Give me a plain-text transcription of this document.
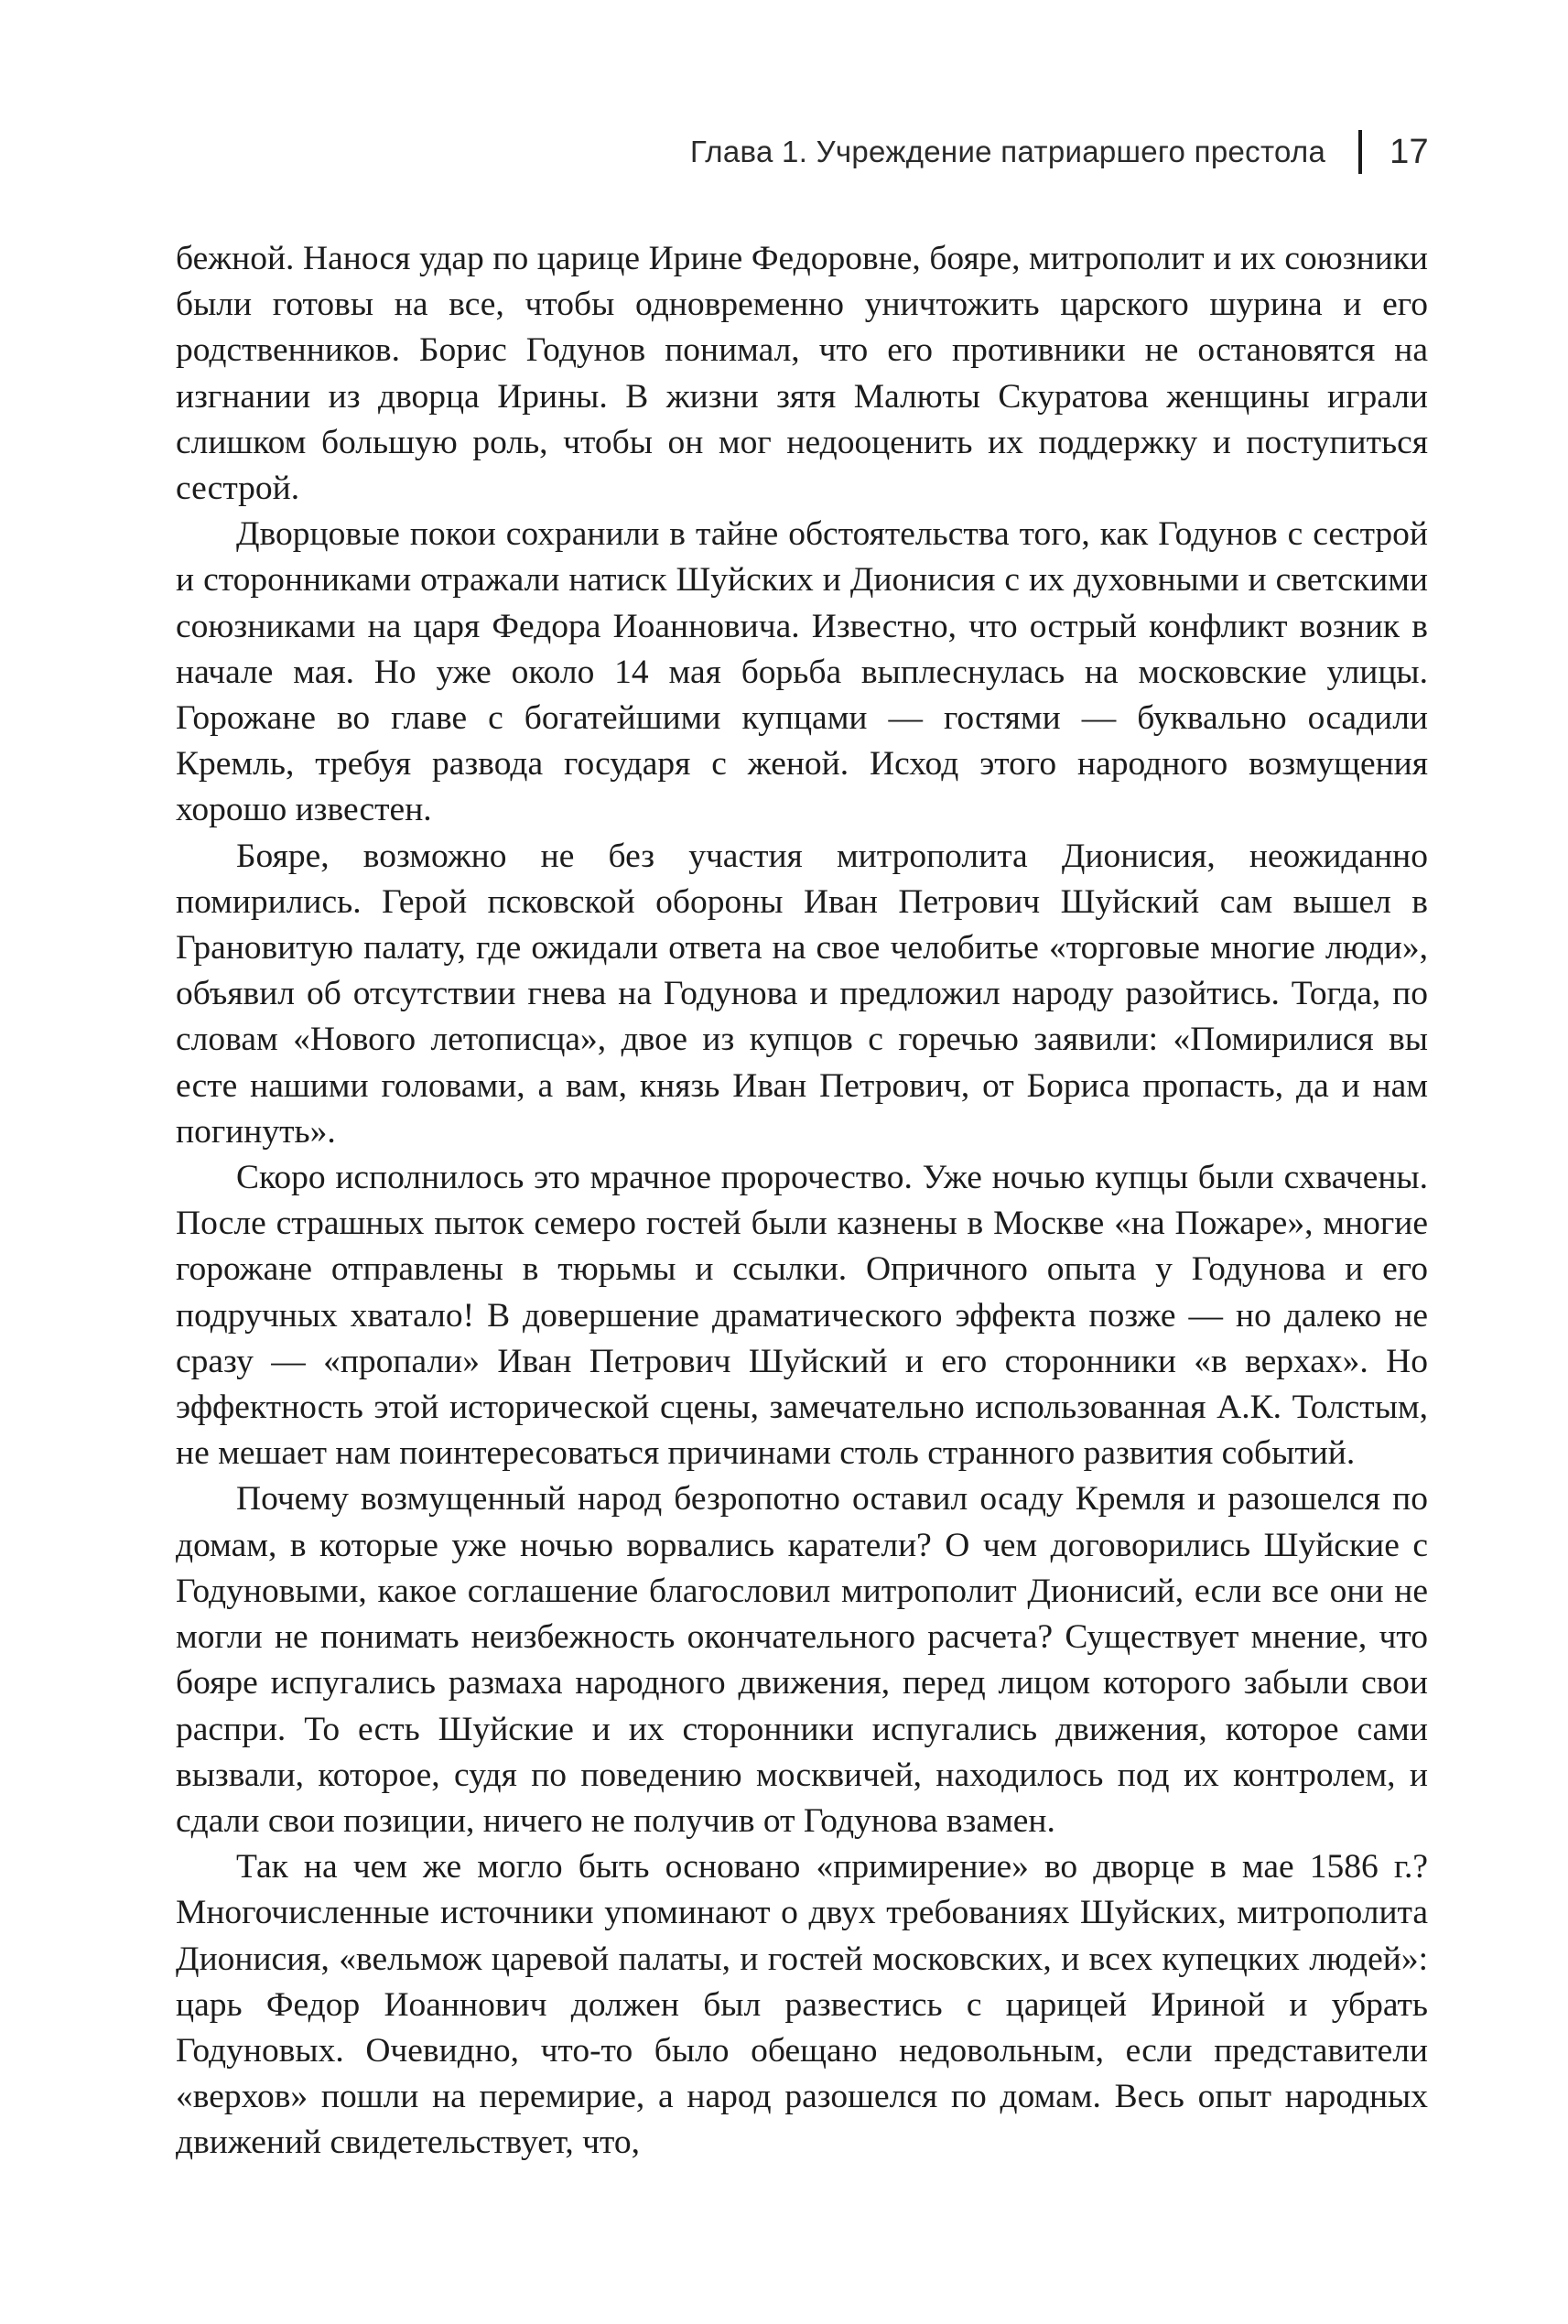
Глава 1. Учреждение патриаршего престола 17

бежной. Нанося удар по царице Ирине Федоровне, бояре, митрополит и их союзники были готовы на все, чтобы одновременно уничтожить царского шурина и его родственников. Борис Годунов понимал, что его противники не остановятся на изгнании из дворца Ирины. В жизни зятя Малюты Скуратова женщины играли слишком большую роль, чтобы он мог недооценить их поддержку и поступиться сестрой.

Дворцовые покои сохранили в тайне обстоятельства того, как Годунов с сестрой и сторонниками отражали натиск Шуйских и Дионисия с их духовными и светскими союзниками на царя Федора Иоанновича. Известно, что острый конфликт возник в начале мая. Но уже около 14 мая борьба выплеснулась на московские улицы. Горожане во главе с богатейшими купцами — гостями — буквально осадили Кремль, требуя развода государя с женой. Исход этого народного возмущения хорошо известен.

Бояре, возможно не без участия митрополита Дионисия, неожиданно помирились. Герой псковской обороны Иван Петрович Шуйский сам вышел в Грановитую палату, где ожидали ответа на свое челобитье «торговые многие люди», объявил об отсутствии гнева на Годунова и предложил народу разойтись. Тогда, по словам «Нового летописца», двое из купцов с горечью заявили: «Помирилися вы есте нашими головами, а вам, князь Иван Петрович, от Бориса пропасть, да и нам погинуть».

Скоро исполнилось это мрачное пророчество. Уже ночью купцы были схвачены. После страшных пыток семеро гостей были казнены в Москве «на Пожаре», многие горожане отправлены в тюрьмы и ссылки. Опричного опыта у Годунова и его подручных хватало! В довершение драматического эффекта позже — но далеко не сразу — «пропали» Иван Петрович Шуйский и его сторонники «в верхах». Но эффектность этой исторической сцены, замечательно использованная А.К. Толстым, не мешает нам поинтересоваться причинами столь странного развития событий.

Почему возмущенный народ безропотно оставил осаду Кремля и разошелся по домам, в которые уже ночью ворвались каратели? О чем договорились Шуйские с Годуновыми, какое соглашение благословил митрополит Дионисий, если все они не могли не понимать неизбежность окончательного расчета? Существует мнение, что бояре испугались размаха народного движения, перед лицом которого забыли свои распри. То есть Шуйские и их сторонники испугались движения, которое сами вызвали, которое, судя по поведению москвичей, находилось под их контролем, и сдали свои позиции, ничего не получив от Годунова взамен.

Так на чем же могло быть основано «примирение» во дворце в мае 1586 г.? Многочисленные источники упоминают о двух требованиях Шуйских, митрополита Дионисия, «вельмож царевой палаты, и гостей московских, и всех купецких людей»: царь Федор Иоаннович должен был развестись с царицей Ириной и убрать Годуновых. Очевидно, что-то было обещано недовольным, если представители «верхов» пошли на перемирие, а народ разошелся по домам. Весь опыт народных движений свидетельствует, что,
